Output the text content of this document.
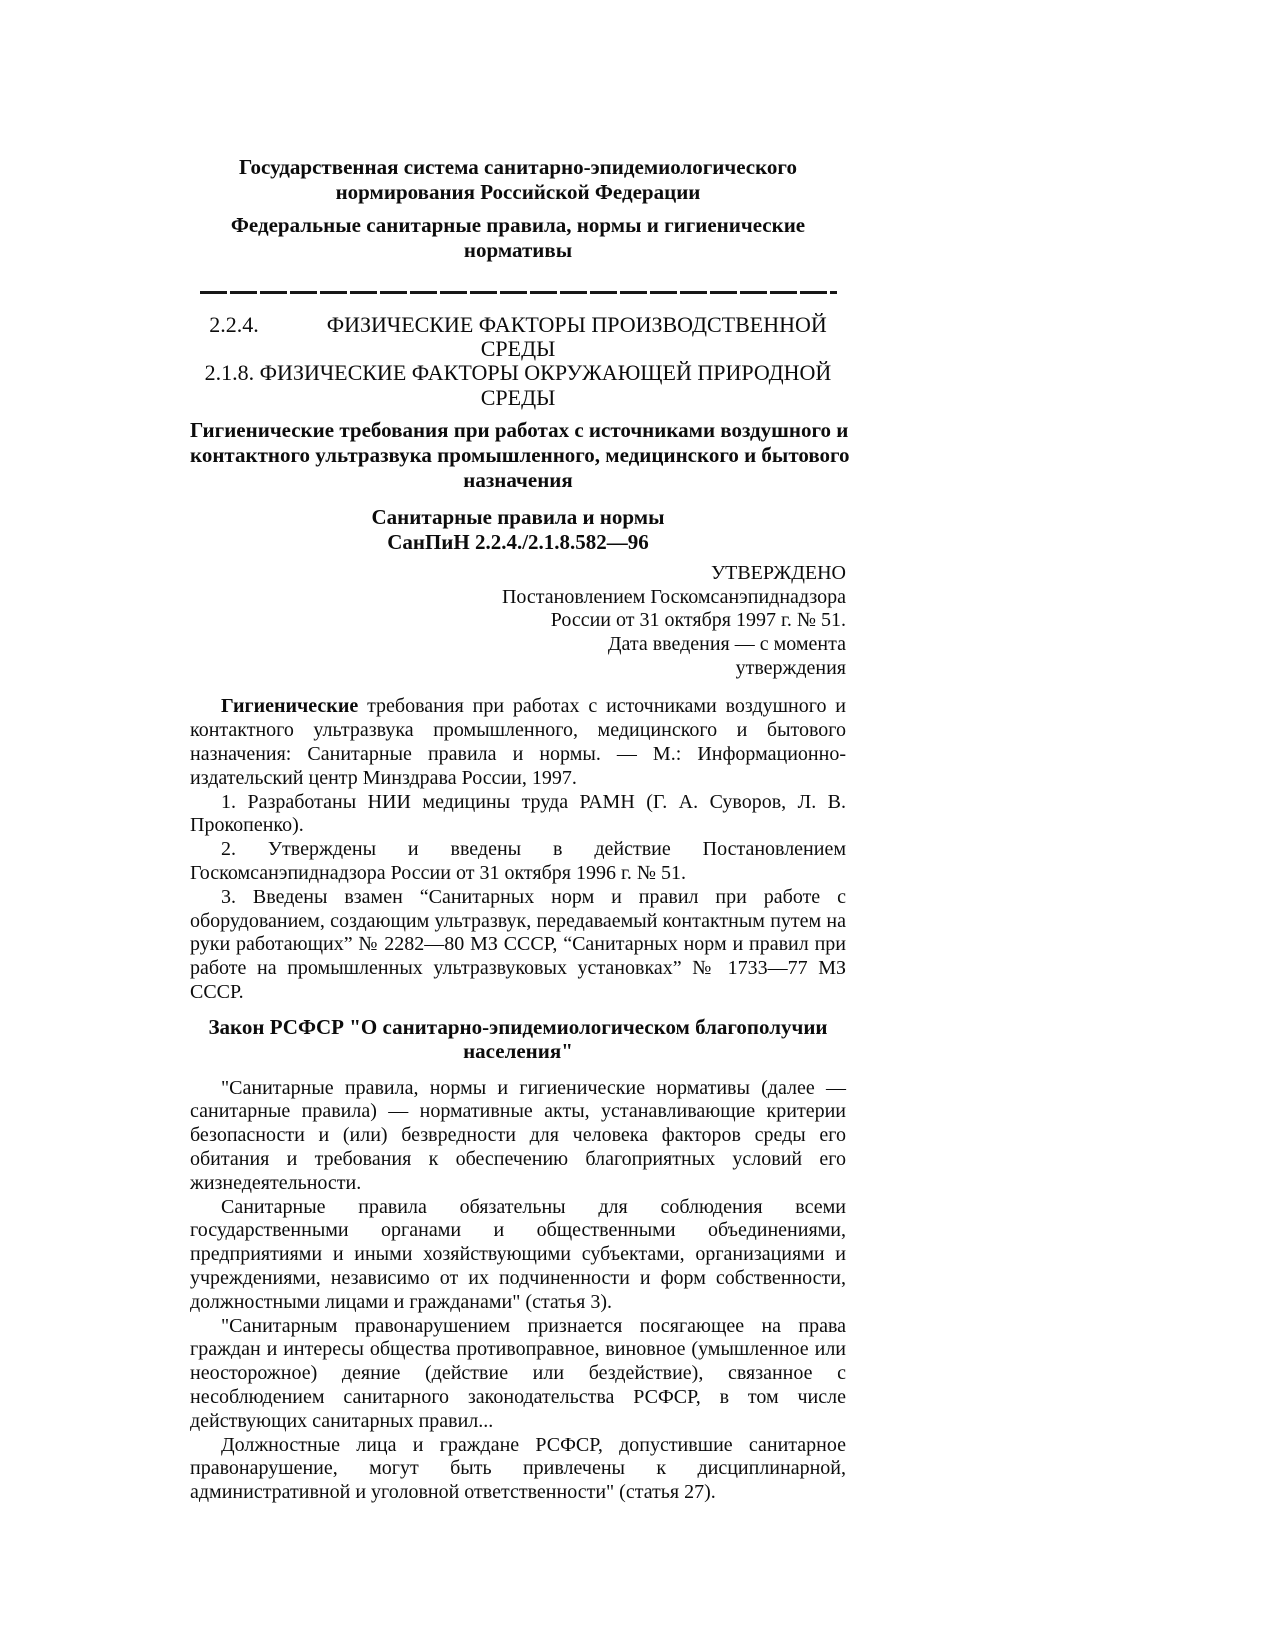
Государственная система санитарно-эпидемиологического
нормирования Российской Федерации
Федеральные санитарные правила, нормы и гигиенические
нормативы
2.2.4.	ФИЗИЧЕСКИЕ ФАКТОРЫ ПРОИЗВОДСТВЕННОЙ
СРЕДЫ
2.1.8. ФИЗИЧЕСКИЕ ФАКТОРЫ ОКРУЖАЮЩЕЙ ПРИРОДНОЙ
СРЕДЫ
Гигиенические требования при работах с источниками воздушного и
контактного ультразвука промышленного, медицинского и бытового
назначения
Санитарные правила и нормы
СанПиН 2.2.4./2.1.8.582—96
УТВЕРЖДЕНО
Постановлением Госкомсанэпиднадзора
России от 31 октября 1997 г. № 51.
Дата введения — с момента
утверждения

Гигиенические требования при работах с источниками воздушного и контактного ультразвука промышленного, медицинского и бытового назначения: Санитарные правила и нормы. — М.: Информационно-издательский центр Минздрава России, 1997.

1. Разработаны НИИ медицины труда РАМН (Г. А. Суворов, Л. В. Прокопенко).

2. Утверждены и введены в действие Постановлением Госкомсанэпиднадзора России от 31 октября 1996 г. № 51.

3. Введены взамен “Санитарных норм и правил при работе с оборудованием, создающим ультразвук, передаваемый контактным путем на руки работающих” № 2282—80 МЗ СССР, “Санитарных норм и правил при работе на промышленных ультразвуковых установках” № 1733—77 МЗ СССР.

Закон РСФСР "О санитарно-эпидемиологическом благополучии
населения"

"Санитарные правила, нормы и гигиенические нормативы (далее — санитарные правила) — нормативные акты, устанавливающие критерии безопасности и (или) безвредности для человека факторов среды его обитания и требования к обеспечению благоприятных условий его жизнедеятельности.

Санитарные правила обязательны для соблюдения всеми государственными органами и общественными объединениями, предприятиями и иными хозяйствующими субъектами, организациями и учреждениями, независимо от их подчиненности и форм собственности, должностными лицами и гражданами" (статья 3).

"Санитарным правонарушением признается посягающее на права граждан и интересы общества противоправное, виновное (умышленное или неосторожное) деяние (действие или бездействие), связанное с несоблюдением санитарного законодательства РСФСР, в том числе действующих санитарных правил...

Должностные лица и граждане РСФСР, допустившие санитарное правонарушение, могут быть привлечены к дисциплинарной, административной и уголовной ответственности" (статья 27).
